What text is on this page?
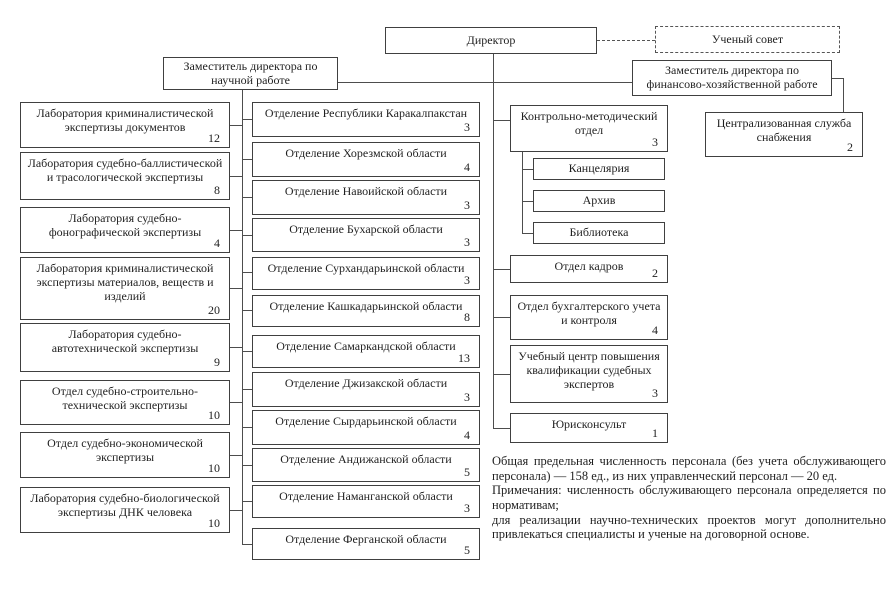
Директор	Ученый совет
Заместитель директора по научной работе
Заместитель директора по финансово-хозяйственной работе
Лаборатория криминалистической экспертизы документов
12
Лаборатория судебно-баллистической и трасологической экспертизы
8
Лаборатория судебно-фонографической экспертизы
4
Лаборатория криминалистической экспертизы материалов, веществ и изделий
20
Лаборатория судебно-автотехнической экспертизы
9
Отдел судебно-строительно-технической экспертизы
10
Отдел судебно-экономической экспертизы
10
Лаборатория судебно-биологической экспертизы ДНК человека
10
Отделение Республики Каракалпакстан
3
Отделение Хорезмской области
4
Отделение Навоийской области
3
Отделение Бухарской области
3
Отделение Сурхандарьинской области
3
Отделение Кашкадарьинской области
8
Отделение Самаркандской области
13
Отделение Джизакской области
3
Отделение Сырдарьинской области
4
Отделение Андижанской области
5
Отделение Наманганской области
3
Отделение Ферганской области
5
Контрольно-методический отдел
3
Канцелярия
Архив
Библиотека
Отдел кадров
2
Отдел бухгалтерского учета и контроля
4
Учебный центр повышения квалификации судебных экспертов
3
Юрисконсульт
1
Централизованная служба снабжения
2

Общая предельная численность персонала (без учета обслуживающего персонала) — 158 ед., из них управленческий персонал — 20 ед.

Примечания: численность обслуживающего персонала определяется по нормативам;

для реализации научно-технических проектов могут дополнительно привлекаться специалисты и ученые на договорной основе.
